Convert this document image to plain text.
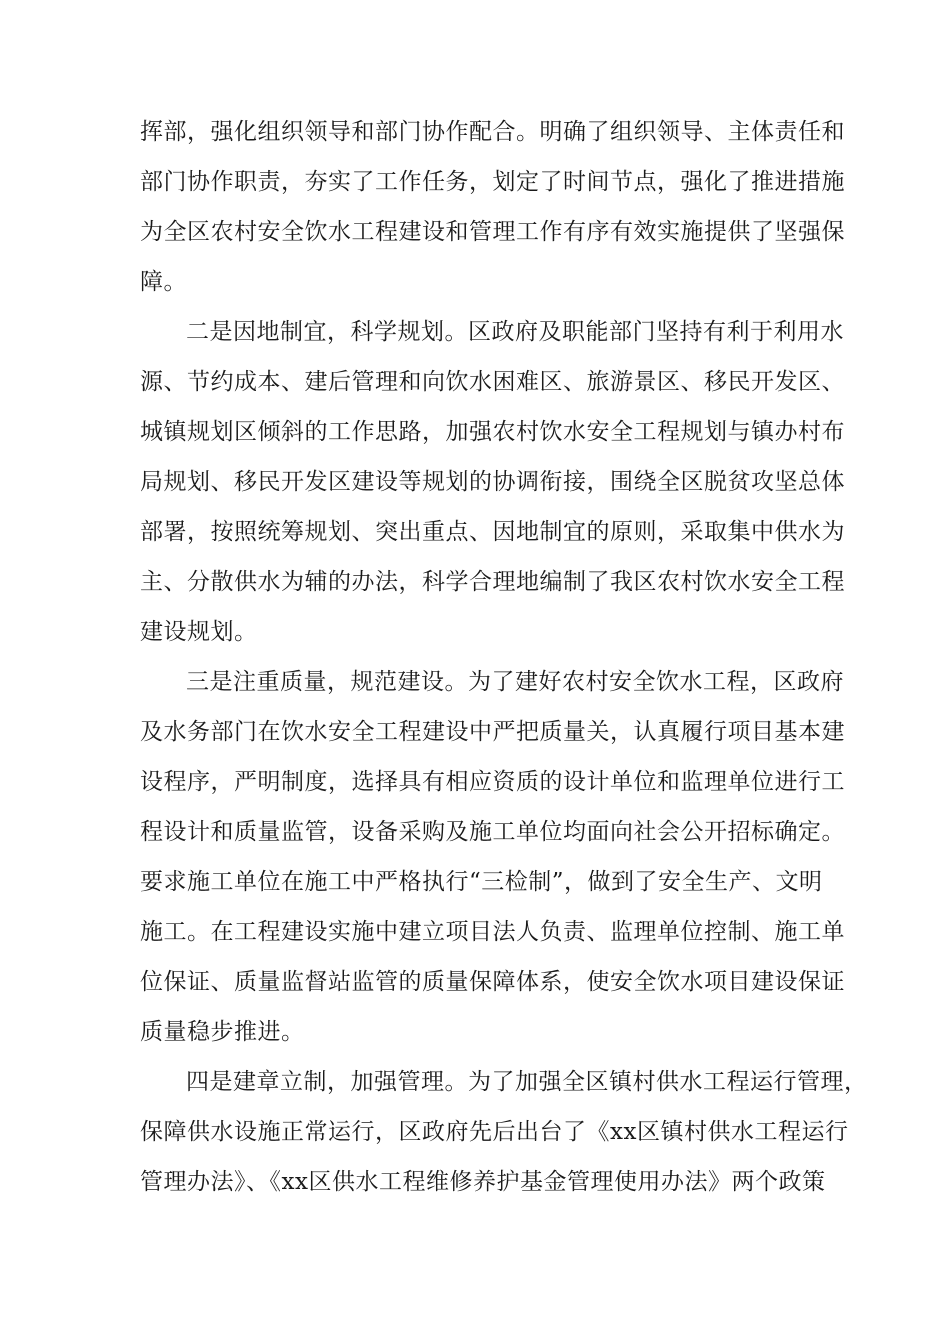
挥部，强化组织领导和部门协作配合。明确了组织领导、主体责任和

部门协作职责，夯实了工作任务，划定了时间节点，强化了推进措施

为全区农村安全饮水工程建设和管理工作有序有效实施提供了坚强保

障。

二是因地制宜，科学规划。区政府及职能部门坚持有利于利用水

源、节约成本、建后管理和向饮水困难区、旅游景区、移民开发区、

城镇规划区倾斜的工作思路，加强农村饮水安全工程规划与镇办村布

局规划、移民开发区建设等规划的协调衔接，围绕全区脱贫攻坚总体

部署，按照统筹规划、突出重点、因地制宜的原则，采取集中供水为

主、分散供水为辅的办法，科学合理地编制了我区农村饮水安全工程

建设规划。

三是注重质量，规范建设。为了建好农村安全饮水工程，区政府

及水务部门在饮水安全工程建设中严把质量关，认真履行项目基本建

设程序，严明制度，选择具有相应资质的设计单位和监理单位进行工

程设计和质量监管，设备采购及施工单位均面向社会公开招标确定。

要求施工单位在施工中严格执行“三检制”，做到了安全生产、文明

施工。在工程建设实施中建立项目法人负责、监理单位控制、施工单

位保证、质量监督站监管的质量保障体系，使安全饮水项目建设保证

质量稳步推进。

四是建章立制，加强管理。为了加强全区镇村供水工程运行管理，

保障供水设施正常运行，区政府先后出台了《xx区镇村供水工程运行

管理办法》、《xx区供水工程维修养护基金管理使用办法》两个政策
